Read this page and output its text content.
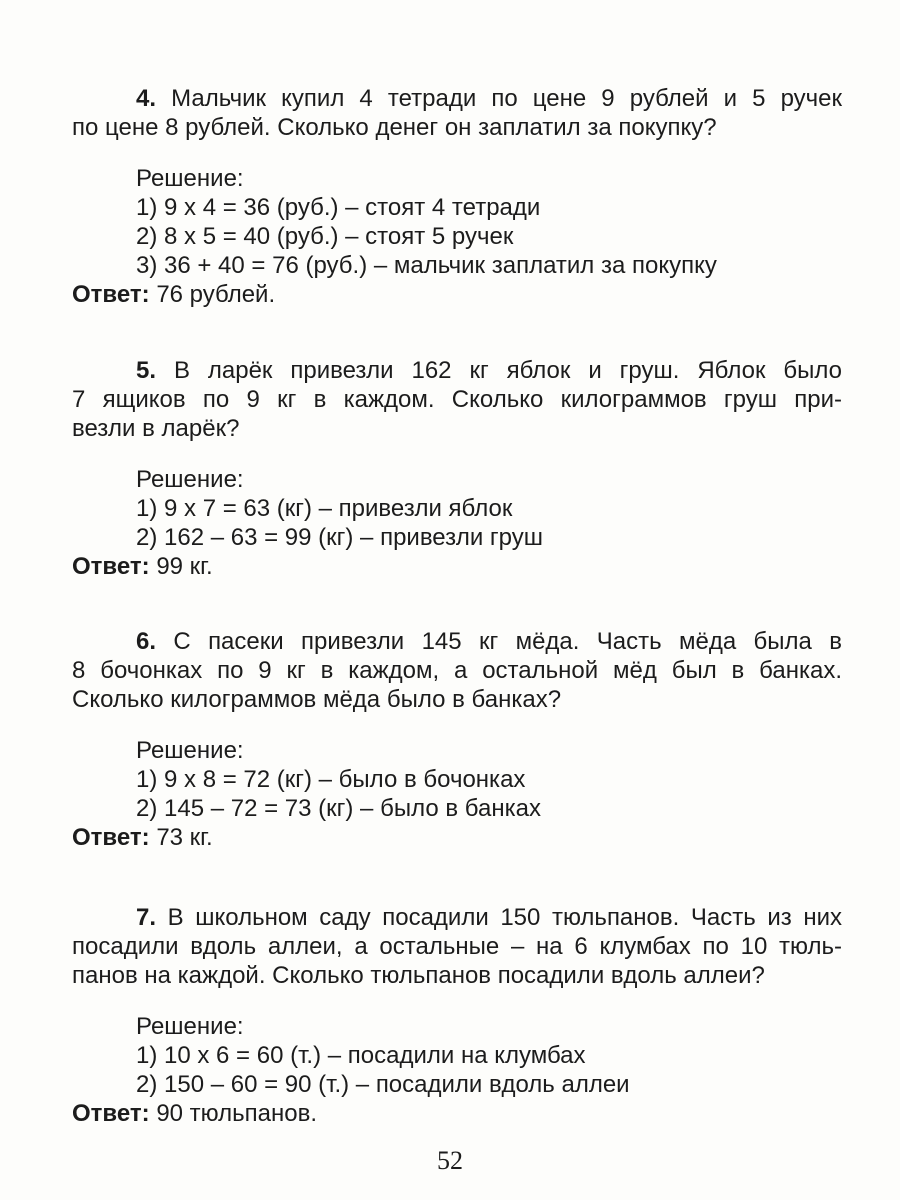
4. Мальчик купил 4 тетради по цене 9 рублей и 5 ручек
по цене 8 рублей. Сколько денег он заплатил за покупку?
Решение:
1) 9 х 4 = 36 (руб.) – стоят 4 тетради
2) 8 х 5 = 40 (руб.) – стоят 5 ручек
3) 36 + 40 = 76 (руб.) – мальчик заплатил за покупку
Ответ: 76 рублей.
5. В ларёк привезли 162 кг яблок и груш. Яблок было
7 ящиков по 9 кг в каждом. Сколько килограммов груш при-
везли в ларёк?
Решение:
1) 9 х 7 = 63 (кг) – привезли яблок
2) 162 – 63 = 99 (кг) – привезли груш
Ответ: 99 кг.
6. С пасеки привезли 145 кг мёда. Часть мёда была в
8 бочонках по 9 кг в каждом, а остальной мёд был в банках.
Сколько килограммов мёда было в банках?
Решение:
1) 9 х 8 = 72 (кг) – было в бочонках
2) 145 – 72 = 73 (кг) – было в банках
Ответ: 73 кг.
7. В школьном саду посадили 150 тюльпанов. Часть из них
посадили вдоль аллеи, а остальные – на 6 клумбах по 10 тюль-
панов на каждой. Сколько тюльпанов посадили вдоль аллеи?
Решение:
1) 10 х 6 = 60 (т.) – посадили на клумбах
2) 150 – 60 = 90 (т.) – посадили вдоль аллеи
Ответ: 90 тюльпанов.
52
